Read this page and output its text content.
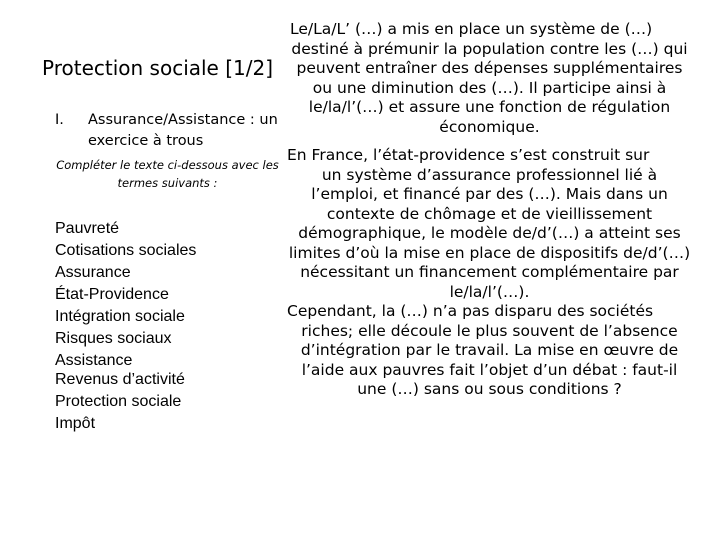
Protection sociale [1/2]
I. Assurance/Assistance : un exercice à trous
Compléter le texte ci-dessous avec les termes suivants :
Pauvreté
Cotisations sociales
Assurance
État-Providence
Intégration sociale
Risques sociaux
Assistance
Revenus d’activité
Protection sociale
Impôt
Le/La/L’ (…) a mis en place un système de (…)
destiné à prémunir la population contre les (…) qui peuvent entraîner des dépenses supplémentaires ou une diminution des (…). Il participe ainsi à le/la/l’(…) et assure une fonction de régulation économique.
En France, l’état-providence s’est construit sur
un système d’assurance professionnel lié à l’emploi, et financé par des (…). Mais dans un contexte de chômage et de vieillissement démographique, le modèle de/d’(…) a atteint ses limites d’où la mise en place de dispositifs de/d’(…) nécessitant un financement complémentaire par le/la/l’(…).
Cependant, la (…) n’a pas disparu des sociétés
riches; elle découle le plus souvent de l’absence d’intégration par le travail. La mise en œuvre de l’aide aux pauvres fait l’objet d’un débat : faut-il une (…) sans ou sous conditions ?
